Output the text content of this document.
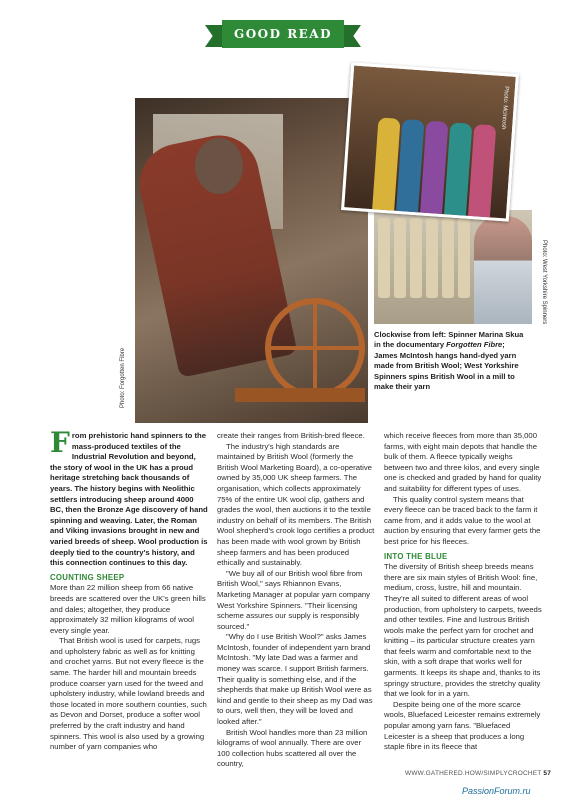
GOOD READ
Photo: Forgotten Fibre
Photo: West Yorkshire Spinners
Photo: McIntosh
Clockwise from left: Spinner Marina Skua in the documentary Forgotten Fibre; James McIntosh hangs hand-dyed yarn made from British Wool; West Yorkshire Spinners spins British Wool in a mill to make their yarn

From prehistoric hand spinners to the mass-produced textiles of the Industrial Revolution and beyond, the story of wool in the UK has a proud heritage stretching back thousands of years. The history begins with Neolithic settlers introducing sheep around 4000 BC, then the Bronze Age discovery of hand spinning and weaving. Later, the Roman and Viking invasions brought in new and varied breeds of sheep. Wool production is deeply tied to the country's history, and this connection continues to this day.

COUNTING SHEEP

More than 22 million sheep from 66 native breeds are scattered over the UK's green hills and dales; altogether, they produce approximately 32 million kilograms of wool every single year.

That British wool is used for carpets, rugs and upholstery fabric as well as for knitting and crochet yarns. But not every fleece is the same. The harder hill and mountain breeds produce coarser yarn used for the tweed and upholstery industry, while lowland breeds and those located in more southern counties, such as Devon and Dorset, produce a softer wool preferred by the craft industry and hand spinners. This wool is also used by a growing number of yarn companies who

create their ranges from British-bred fleece.

The industry's high standards are maintained by British Wool (formerly the British Wool Marketing Board), a co-operative owned by 35,000 UK sheep farmers. The organisation, which collects approximately 75% of the entire UK wool clip, gathers and grades the wool, then auctions it to the textile industry on behalf of its members. The British Wool shepherd's crook logo certifies a product has been made with wool grown by British sheep farmers and has been produced ethically and sustainably.

"We buy all of our British wool fibre from British Wool," says Rhiannon Evans, Marketing Manager at popular yarn company West Yorkshire Spinners. "Their licensing scheme assures our supply is responsibly sourced."

"Why do I use British Wool?" asks James McIntosh, founder of independent yarn brand McIntosh. "My late Dad was a farmer and money was scarce. I support British farmers. Their quality is something else, and if the shepherds that make up British Wool were as kind and gentle to their sheep as my Dad was to ours, well then, they will be loved and looked after."

British Wool handles more than 23 million kilograms of wool annually. There are over 100 collection hubs scattered all over the country,

which receive fleeces from more than 35,000 farms, with eight main depots that handle the bulk of them. A fleece typically weighs between two and three kilos, and every single one is checked and graded by hand for quality and suitability for different types of uses.

This quality control system means that every fleece can be traced back to the farm it came from, and it adds value to the wool at auction by ensuring that every farmer gets the best price for his fleeces.

INTO THE BLUE

The diversity of British sheep breeds means there are six main styles of British Wool: fine, medium, cross, lustre, hill and mountain. They're all suited to different areas of wool production, from upholstery to carpets, tweeds and other textiles. Fine and lustrous British wools make the perfect yarn for crochet and knitting – its particular structure creates yarn that feels warm and comfortable next to the skin, with a soft drape that works well for garments. It keeps its shape and, thanks to its springy structure, provides the stretchy quality that we look for in a yarn.

Despite being one of the more scarce wools, Bluefaced Leicester remains extremely popular among yarn fans. "Bluefaced Leicester is a sheep that produces a long staple fibre in its fleece that

WWW.GATHERED.HOW/SIMPLYCROCHET 57
PassionForum.ru
